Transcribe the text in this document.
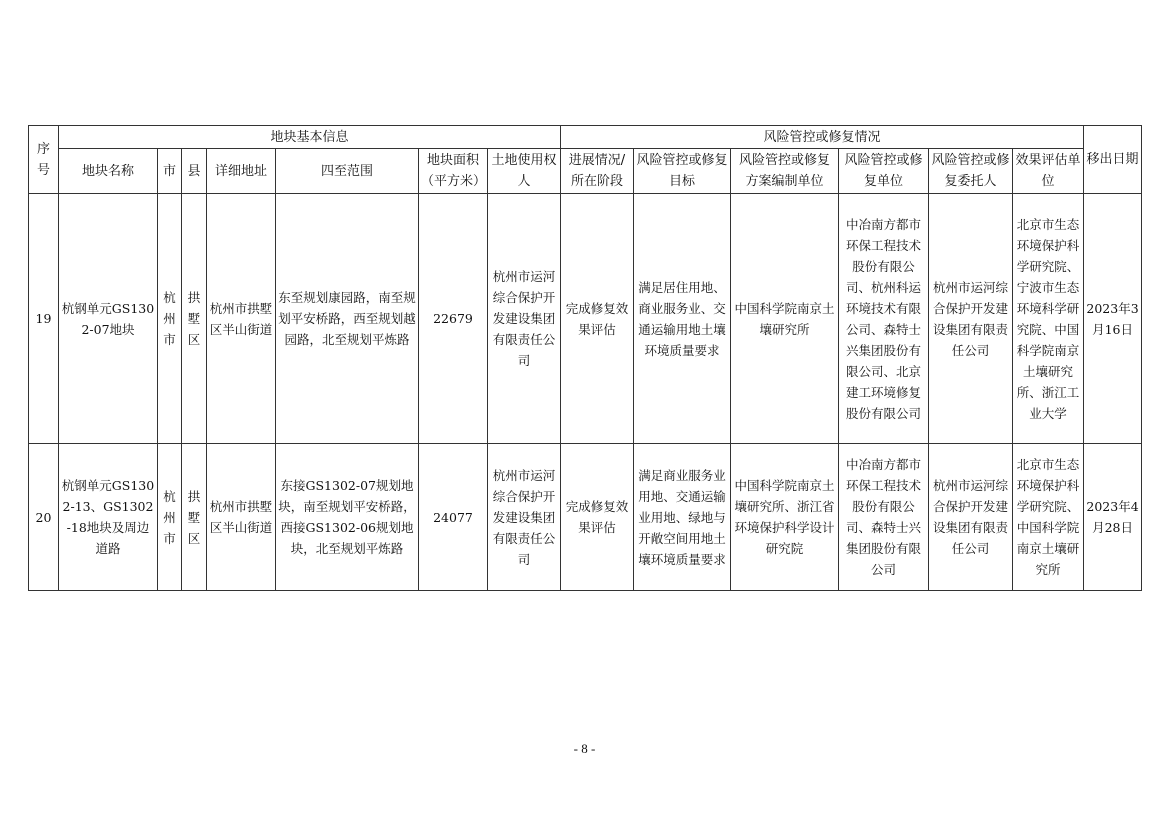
序号	地块基本信息							风险管控或修复情况						移出日期
	地块名称	市	县	详细地址	四至范围	地块面积（平方米）	土地使用权人	进展情况/所在阶段	风险管控或修复目标	风险管控或修复方案编制单位	风险管控或修复单位	风险管控或修复委托人	效果评估单位	
19	杭钢单元GS1302-07地块	杭州市	拱墅区	杭州市拱墅区半山街道	东至规划康园路，南至规划平安桥路，西至规划越园路，北至规划平炼路	22679	杭州市运河综合保护开发建设集团有限责任公司	完成修复效果评估	满足居住用地、商业服务业、交通运输用地土壤环境质量要求	中国科学院南京土壤研究所	中冶南方都市环保工程技术股份有限公司、杭州科运环境技术有限公司、森特士兴集团股份有限公司、北京建工环境修复股份有限公司	杭州市运河综合保护开发建设集团有限责任公司	北京市生态环境保护科学研究院、宁波市生态环境科学研究院、中国科学院南京土壤研究所、浙江工业大学	2023年3月16日
20	杭钢单元GS1302-13、GS1302-18地块及周边道路	杭州市	拱墅区	杭州市拱墅区半山街道	东接GS1302-07规划地块，南至规划平安桥路，西接GS1302-06规划地块，北至规划平炼路	24077	杭州市运河综合保护开发建设集团有限责任公司	完成修复效果评估	满足商业服务业用地、交通运输业用地、绿地与开敞空间用地土壤环境质量要求	中国科学院南京土壤研究所、浙江省环境保护科学设计研究院	中冶南方都市环保工程技术股份有限公司、森特士兴集团股份有限公司	杭州市运河综合保护开发建设集团有限责任公司	北京市生态环境保护科学研究院、中国科学院南京土壤研究所	2023年4月28日
- 8 -
